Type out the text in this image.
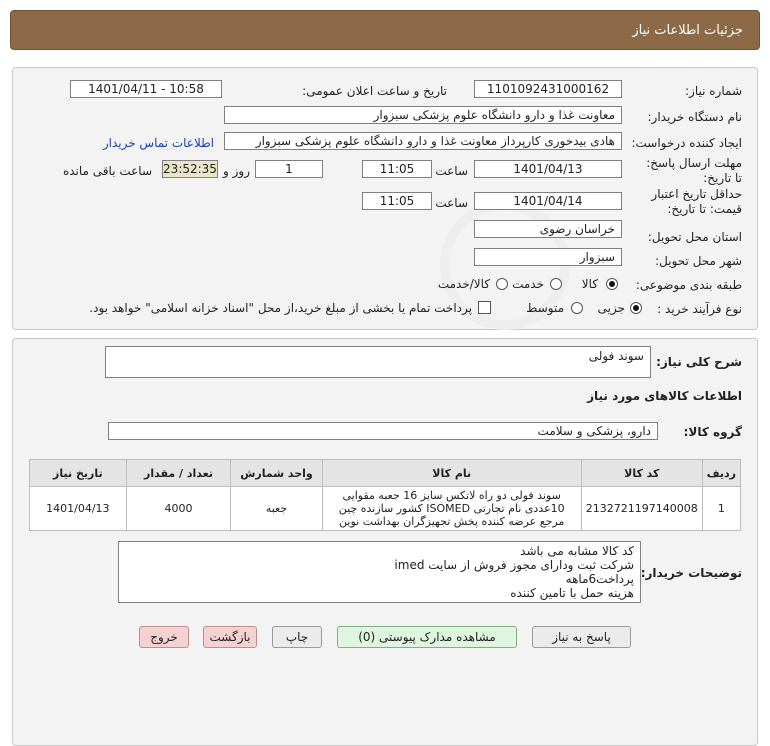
جزئیات اطلاعات نیاز
شماره نیاز:
1101092431000162
تاریخ و ساعت اعلان عمومی:
1401/04/11 - 10:58
نام دستگاه خریدار:
معاونت غذا و دارو دانشگاه علوم پزشکی سبزوار
ایجاد کننده درخواست:
هادی بیدخوری کارپرداز معاونت غذا و دارو دانشگاه علوم پزشکی سبزوار
اطلاعات تماس خریدار
مهلت ارسال پاسخ: تا تاریخ:
1401/04/13
ساعت
11:05
1
روز و
23:52:35
ساعت باقی مانده
حداقل تاریخ اعتبار قیمت: تا تاریخ:
1401/04/14
ساعت
11:05
استان محل تحویل:
خراسان رضوی
شهر محل تحویل:
سبزوار
طبقه بندی موضوعی:
کالا
خدمت
کالا/خدمت
نوع فرآیند خرید :
جزیی
متوسط
پرداخت تمام یا بخشی از مبلغ خرید،از محل "اسناد خزانه اسلامی" خواهد بود.
شرح کلی نیاز:
سوند فولی
اطلاعات کالاهای مورد نیاز
گروه کالا:
دارو، پزشکی و سلامت
ردیف	کد کالا	نام کالا	واحد شمارش	تعداد / مقدار	تاریخ نیاز
1	2132721197140008	سوند فولی دو راه لاتکس سایز 16 جعبه مقوایی 10عددی نام تجارتی ISOMED کشور سازنده چین مرجع عرضه کننده پخش تجهیزگران بهداشت نوین	جعبه	4000	1401/04/13
توضیحات خریدار:
کد کالا مشابه می باشد
شرکت ثبت ودارای مجوز فروش از سایت imed
پرداخت6ماهه
هزینه حمل با تامین کننده
پاسخ به نیاز
مشاهده مدارک پیوستی (0)
چاپ
بازگشت
خروج
